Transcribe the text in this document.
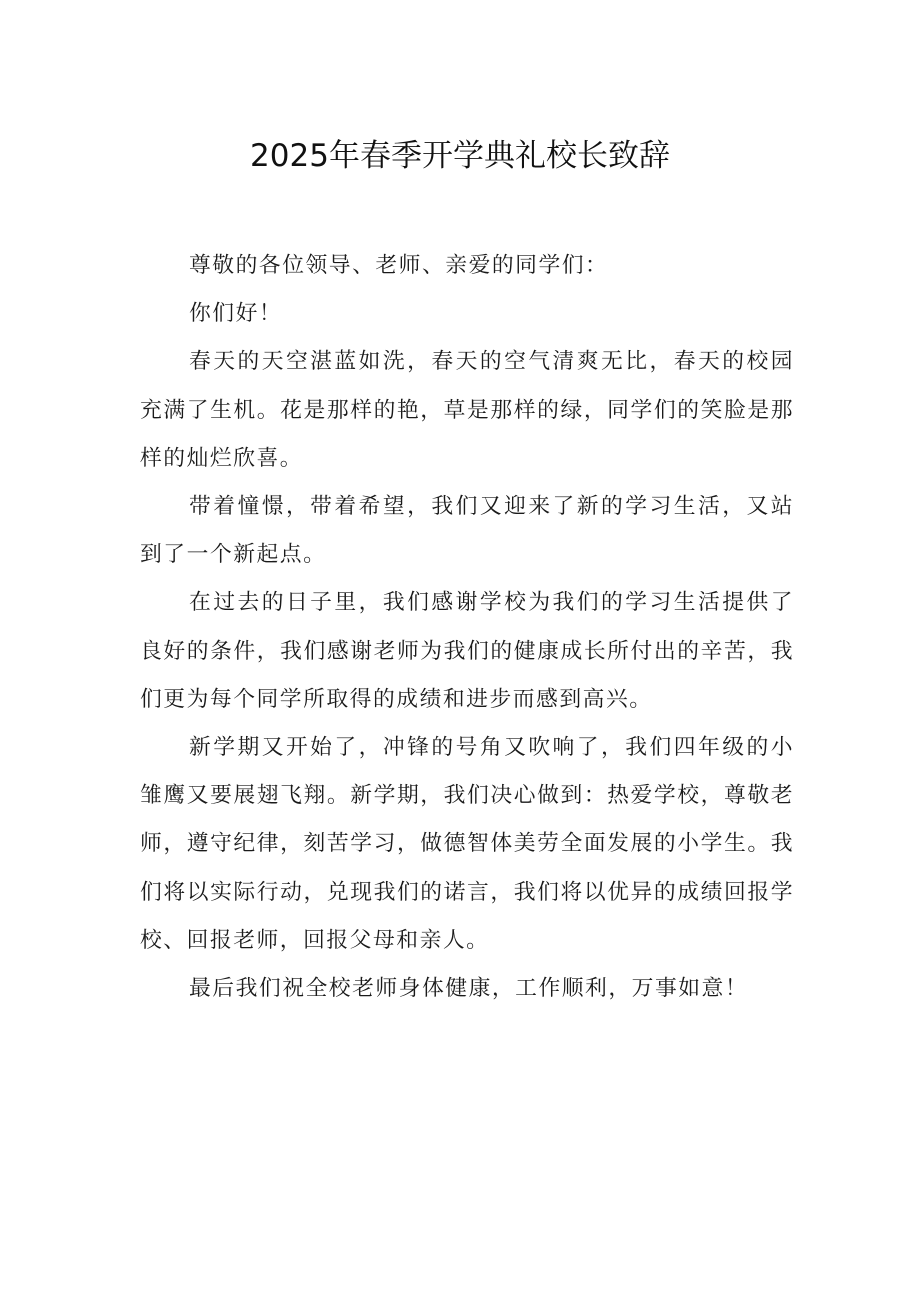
2025年春季开学典礼校长致辞

尊敬的各位领导、老师、亲爱的同学们：

你们好！

春天的天空湛蓝如洗，春天的空气清爽无比，春天的校园充满了生机。花是那样的艳，草是那样的绿，同学们的笑脸是那样的灿烂欣喜。

带着憧憬，带着希望，我们又迎来了新的学习生活，又站到了一个新起点。

在过去的日子里，我们感谢学校为我们的学习生活提供了良好的条件，我们感谢老师为我们的健康成长所付出的辛苦，我们更为每个同学所取得的成绩和进步而感到高兴。

新学期又开始了，冲锋的号角又吹响了，我们四年级的小雏鹰又要展翅飞翔。新学期，我们决心做到：热爱学校，尊敬老师，遵守纪律，刻苦学习，做德智体美劳全面发展的小学生。我们将以实际行动，兑现我们的诺言，我们将以优异的成绩回报学校、回报老师，回报父母和亲人。

最后我们祝全校老师身体健康，工作顺利，万事如意！
